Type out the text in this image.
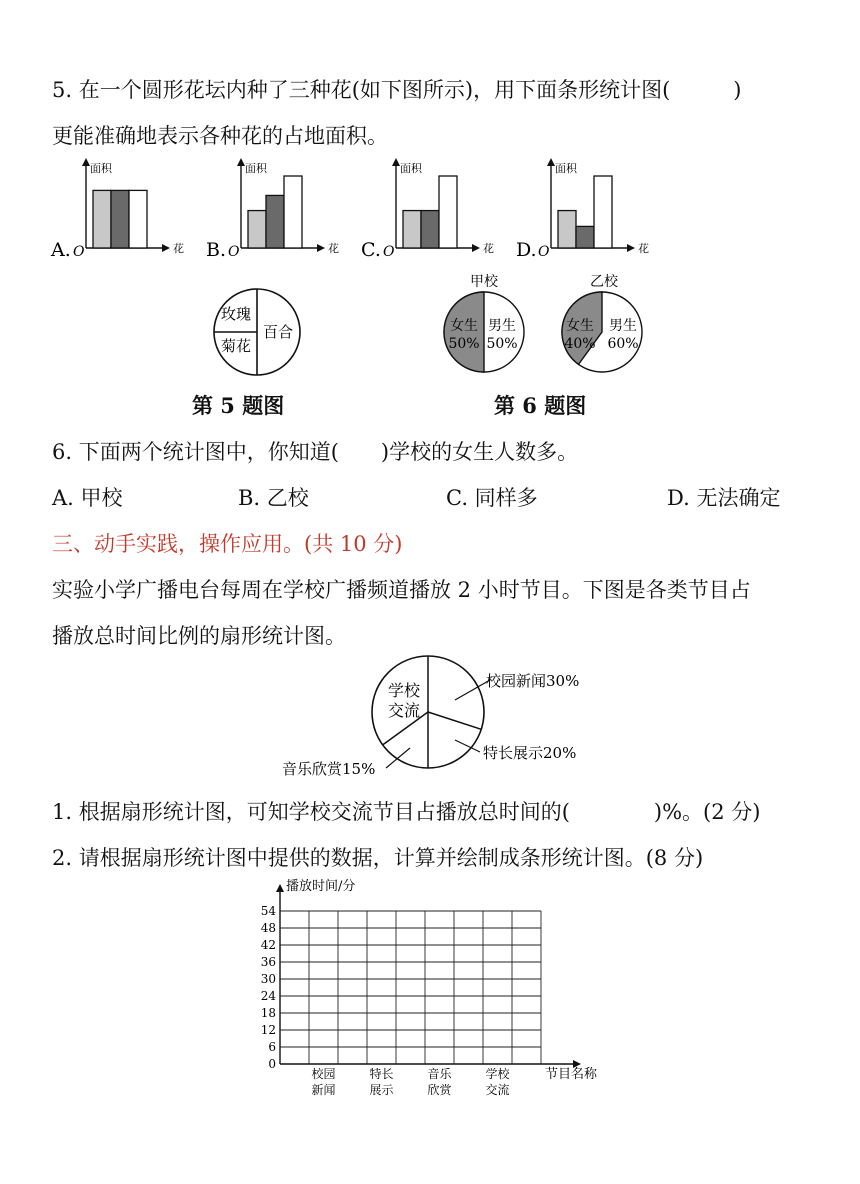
5. 在一个圆形花坛内种了三种花(如下图所示)，用下面条形统计图(　　　)
更能准确地表示各种花的占地面积。
A. O
面积
花 B. O
面积
花 C. O
面积
花 D. O
面积
花
玫瑰
百合
菊花
甲校
女生
50%
男生
50%
乙校
女生
40%
男生
60%
第 5 题图	第 6 题图
6. 下面两个统计图中，你知道(　　)学校的女生人数多。
A. 甲校	B. 乙校	C. 同样多	D. 无法确定
三、动手实践，操作应用。(共 10 分)
实验小学广播电台每周在学校广播频道播放 2 小时节目。下图是各类节目占
播放总时间比例的扇形统计图。
学校
交流
校园新闻30%
特长展示20%
音乐欣赏15%
1. 根据扇形统计图，可知学校交流节目占播放总时间的(　　　　)%。(2 分)
2. 请根据扇形统计图中提供的数据，计算并绘制成条形统计图。(8 分)
播放时间/分
节目名称
0
6
12
18
24
30
36
42
48
54
校园
新闻
特长
展示
音乐
欣赏
学校
交流
